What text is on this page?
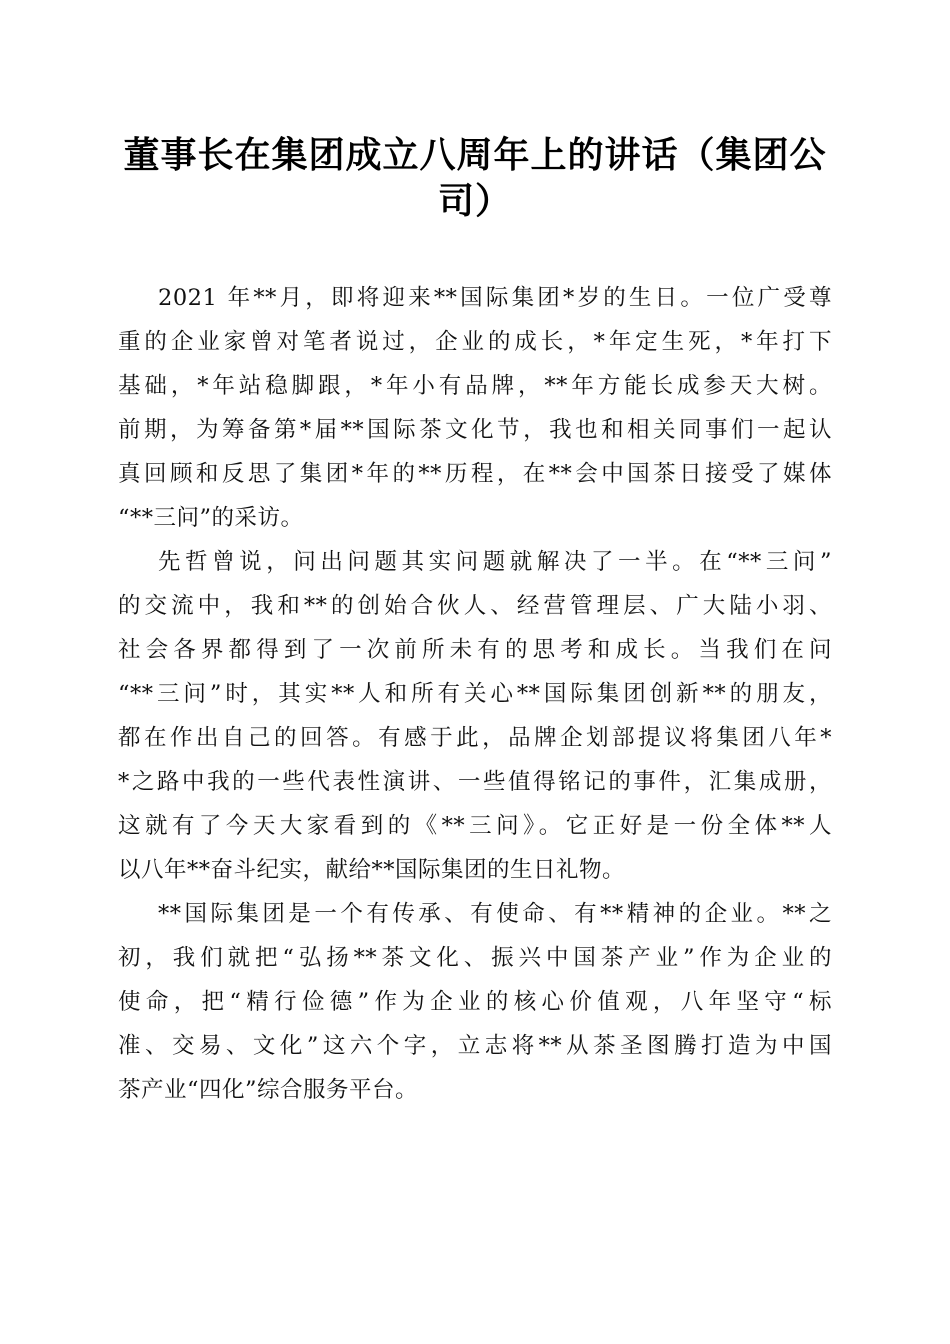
董事长在集团成立八周年上的讲话（集团公
司）
2021 年**月，即将迎来**国际集团*岁的生日。一位广受尊
重的企业家曾对笔者说过，企业的成长，*年定生死，*年打下
基础，*年站稳脚跟，*年小有品牌，**年方能长成参天大树。
前期，为筹备第*届**国际茶文化节，我也和相关同事们一起认
真回顾和反思了集团*年的**历程，在**会中国茶日接受了媒体
“**三问”的采访。
先哲曾说，问出问题其实问题就解决了一半。在“**三问”
的交流中，我和**的创始合伙人、经营管理层、广大陆小羽、
社会各界都得到了一次前所未有的思考和成长。当我们在问
“**三问”时，其实**人和所有关心**国际集团创新**的朋友，
都在作出自己的回答。有感于此，品牌企划部提议将集团八年*
*之路中我的一些代表性演讲、一些值得铭记的事件，汇集成册，
这就有了今天大家看到的《**三问》。它正好是一份全体**人
以八年**奋斗纪实，献给**国际集团的生日礼物。
**国际集团是一个有传承、有使命、有**精神的企业。**之
初，我们就把“弘扬**茶文化、振兴中国茶产业”作为企业的
使命，把“精行俭德”作为企业的核心价值观，八年坚守“标
准、交易、文化”这六个字，立志将**从茶圣图腾打造为中国
茶产业“四化”综合服务平台。
